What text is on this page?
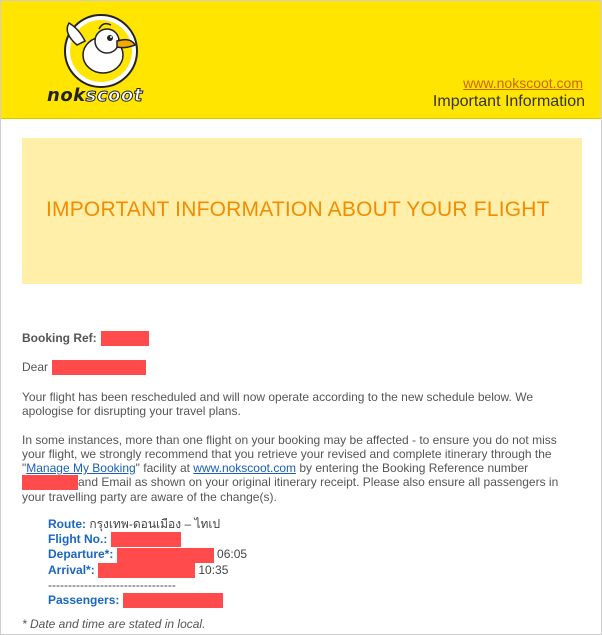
nokscoot
www.nokscoot.com
Important Information
IMPORTANT INFORMATION ABOUT YOUR FLIGHT
Booking Ref:
Dear
Your flight has been rescheduled and will now operate according to the new schedule below. We apologise for disrupting your travel plans.
In some instances, more than one flight on your booking may be affected - to ensure you do not miss your flight, we strongly recommend that you retrieve your revised and complete itinerary through the "Manage My Booking" facility at www.nokscoot.com by entering the Booking Reference number and Email as shown on your original itinerary receipt. Please also ensure all passengers in your travelling party are aware of the change(s).
Route: กรุงเทพ-ดอนเมือง – ไทเป
Flight No.:
Departure*:	06:05
Arrival*:	10:35
--------------------------------
Passengers:
* Date and time are stated in local.
